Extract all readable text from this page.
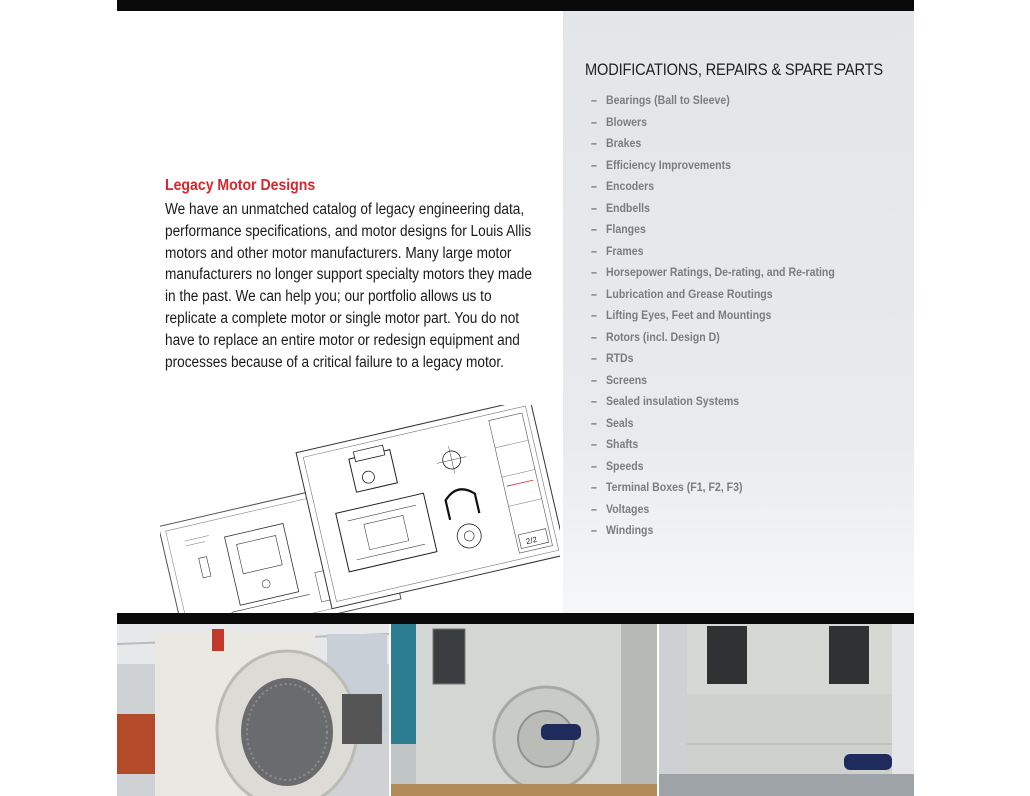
MODIFICATIONS, REPAIRS & SPARE PARTS
– Bearings (Ball to Sleeve)
– Blowers
– Brakes
– Efficiency Improvements
– Encoders
– Endbells
– Flanges
– Frames
– Horsepower Ratings, De-rating, and Re-rating
– Lubrication and Grease Routings
– Lifting Eyes, Feet and Mountings
– Rotors (incl. Design D)
– RTDs
– Screens
– Sealed insulation Systems
– Seals
– Shafts
– Speeds
– Terminal Boxes (F1, F2, F3)
– Voltages
– Windings
Legacy Motor Designs

We have an unmatched catalog of legacy engineering data, performance specifications, and motor designs for Louis Allis motors and other motor manufacturers. Many large motor manufacturers no longer support specialty motors they made in the past. We can help you; our portfolio allows us to replicate a complete motor or single motor part. You do not have to replace an entire motor or redesign equipment and processes because of a critical failure to a legacy motor.

2/2
